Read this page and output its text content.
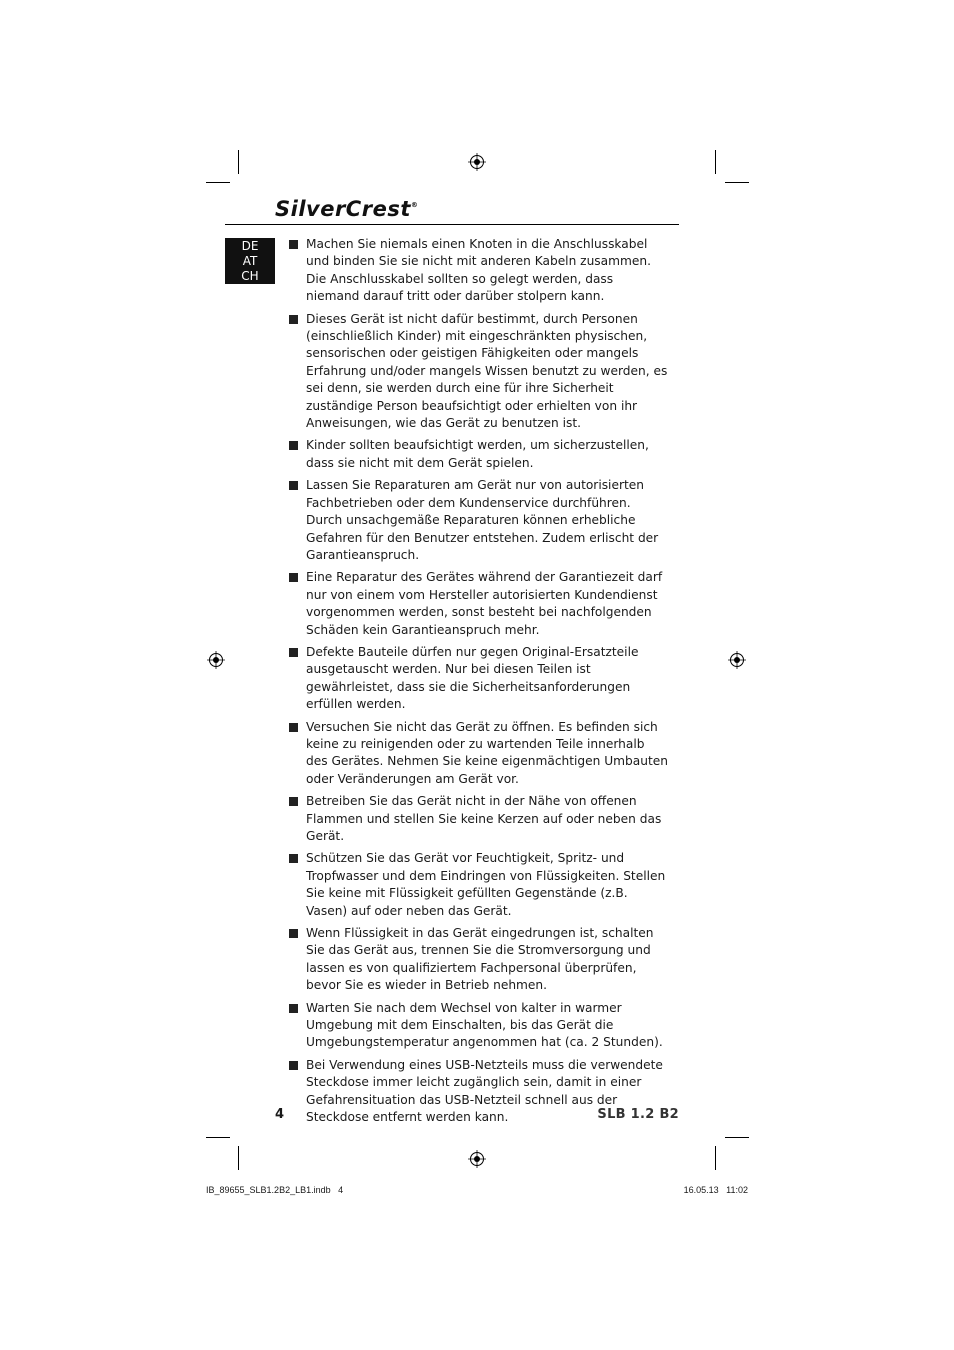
SilverCrest®
DE
AT
CH
Machen Sie niemals einen Knoten in die Anschlusskabel und binden Sie sie nicht mit anderen Kabeln zusammen. Die Anschlusskabel sollten so gelegt werden, dass niemand darauf tritt oder darüber stolpern kann.
Dieses Gerät ist nicht dafür bestimmt, durch Personen (einschließlich Kinder) mit eingeschränkten physischen, sensorischen oder geistigen Fähigkeiten oder mangels Erfahrung und/oder mangels Wissen benutzt zu werden, es sei denn, sie werden durch eine für ihre Sicherheit zuständige Person beaufsichtigt oder erhielten von ihr Anweisungen, wie das Gerät zu benutzen ist.
Kinder sollten beaufsichtigt werden, um sicherzustellen, dass sie nicht mit dem Gerät spielen.
Lassen Sie Reparaturen am Gerät nur von autorisierten Fachbetrieben oder dem Kundenservice durchführen. Durch unsachgemäße Reparaturen können erhebliche Gefahren für den Benutzer entstehen. Zudem erlischt der Garantieanspruch.
Eine Reparatur des Gerätes während der Garantiezeit darf nur von einem vom Hersteller autorisierten Kundendienst vorgenommen werden, sonst besteht bei nachfolgenden Schäden kein Garantieanspruch mehr.
Defekte Bauteile dürfen nur gegen Original-Ersatzteile ausgetauscht werden. Nur bei diesen Teilen ist gewährleistet, dass sie die Sicherheitsanforderungen erfüllen werden.
Versuchen Sie nicht das Gerät zu öffnen. Es befinden sich keine zu reinigenden oder zu wartenden Teile innerhalb des Gerätes. Nehmen Sie keine eigenmächtigen Umbauten oder Veränderungen am Gerät vor.
Betreiben Sie das Gerät nicht in der Nähe von offenen Flammen und stellen Sie keine Kerzen auf oder neben das Gerät.
Schützen Sie das Gerät vor Feuchtigkeit, Spritz- und Tropfwasser und dem Eindringen von Flüssigkeiten. Stellen Sie keine mit Flüssigkeit gefüllten Gegenstände (z.B. Vasen) auf oder neben das Gerät.
Wenn Flüssigkeit in das Gerät eingedrungen ist, schalten Sie das Gerät aus, trennen Sie die Stromversorgung und lassen es von qualifiziertem Fachpersonal überprüfen, bevor Sie es wieder in Betrieb nehmen.
Warten Sie nach dem Wechsel von kalter in warmer Umgebung mit dem Einschalten, bis das Gerät die Umgebungstemperatur angenommen hat (ca. 2 Stunden).
Bei Verwendung eines USB-Netzteils muss die verwendete Steckdose immer leicht zugänglich sein, damit in einer Gefahrensituation das USB-Netzteil schnell aus der Steckdose entfernt werden kann.
4	SLB 1.2 B2
IB_89655_SLB1.2B2_LB1.indb   4	16.05.13   11:02
